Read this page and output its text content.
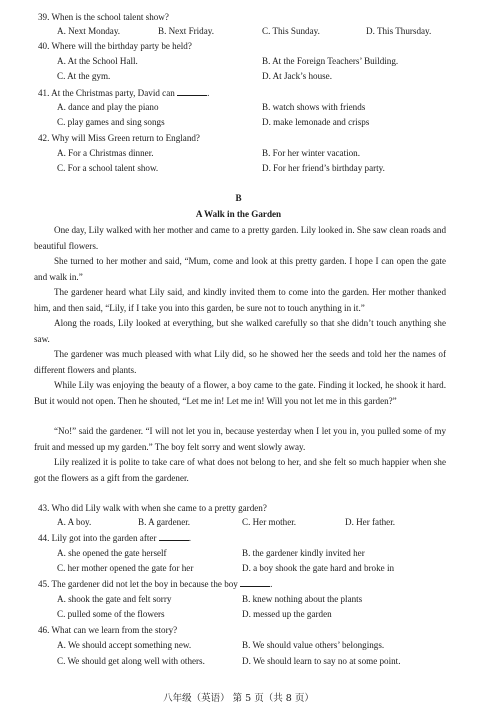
39. When is the school talent show?
A. Next Monday.	B. Next Friday.	C. This Sunday.	D. This Thursday.
40. Where will the birthday party be held?
A. At the School Hall.	B. At the Foreign Teachers’ Building.
C. At the gym.	D. At Jack’s house.
41. At the Christmas party, David can	.
A. dance and play the piano	B. watch shows with friends
C. play games and sing songs	D. make lemonade and crisps
42. Why will Miss Green return to England?
A. For a Christmas dinner.	B. For her winter vacation.
C. For a school talent show.	D. For her friend’s birthday party.
B
A Walk in the Garden
One day, Lily walked with her mother and came to a pretty garden. Lily looked in. She saw clean roads and beautiful flowers.
She turned to her mother and said, “Mum, come and look at this pretty garden. I hope I can open the gate and walk in.”
The gardener heard what Lily said, and kindly invited them to come into the garden. Her mother thanked him, and then said, “Lily, if I take you into this garden, be sure not to touch anything in it.”
Along the roads, Lily looked at everything, but she walked carefully so that she didn’t touch anything she saw.
The gardener was much pleased with what Lily did, so he showed her the seeds and told her the names of different flowers and plants.
While Lily was enjoying the beauty of a flower, a boy came to the gate. Finding it locked, he shook it hard. But it would not open. Then he shouted, “Let me in! Let me in! Will you not let me in this garden?”
“No!” said the gardener. “I will not let you in, because yesterday when I let you in, you pulled some of my fruit and messed up my garden.” The boy felt sorry and went slowly away.
Lily realized it is polite to take care of what does not belong to her, and she felt so much happier when she got the flowers as a gift from the gardener.
43. Who did Lily walk with when she came to a pretty garden?
A. A boy.	B. A gardener.	C. Her mother.	D. Her father.
44. Lily got into the garden after	.
A. she opened the gate herself	B. the gardener kindly invited her
C. her mother opened the gate for her	D. a boy shook the gate hard and broke in
45. The gardener did not let the boy in because the boy	.
A. shook the gate and felt sorry	B. knew nothing about the plants
C. pulled some of the flowers	D. messed up the garden
46. What can we learn from the story?
A. We should accept something new.	B. We should value others’ belongings.
C. We should get along well with others.	D. We should learn to say no at some point.
八年级（英语） 第 5 页（共 8 页）
